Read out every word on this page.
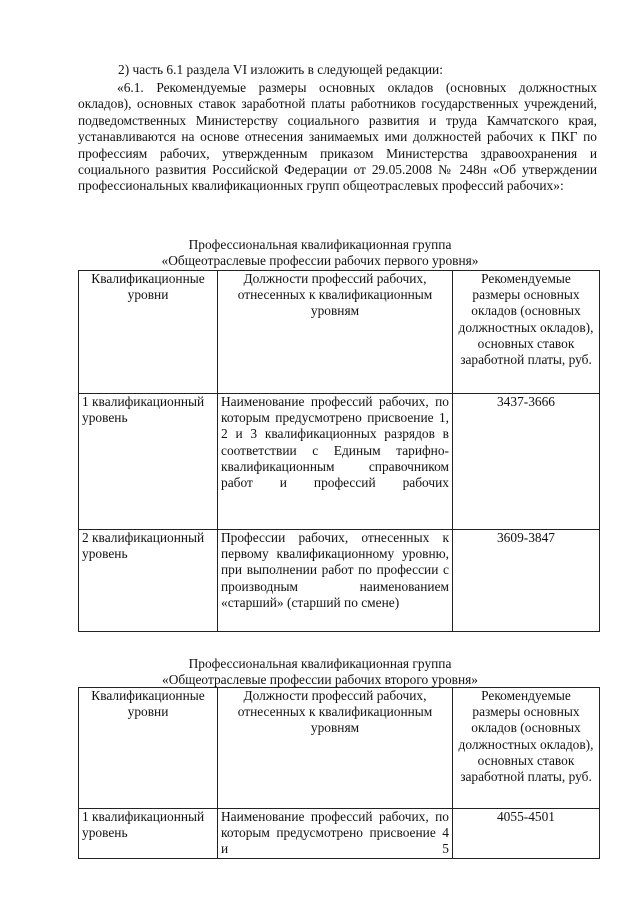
2) часть 6.1 раздела VI изложить в следующей редакции:

«6.1. Рекомендуемые размеры основных окладов (основных должностных окладов), основных ставок заработной платы работников государственных учреждений, подведомственных Министерству социального развития и труда Камчатского края, устанавливаются на основе отнесения занимаемых ими должностей рабочих к ПКГ по профессиям рабочих, утвержденным приказом Министерства здравоохранения и социального развития Российской Федерации от 29.05.2008 № 248н «Об утверждении профессиональных квалификационных групп общеотраслевых профессий рабочих»:

Профессиональная квалификационная группа
«Общеотраслевые профессии рабочих первого уровня»
Квалификационные уровни	Должности профессий рабочих, отнесенных к квалификационным уровням	Рекомендуемые размеры основных окладов (основных должностных окладов), основных ставок заработной платы, руб.
1 квалификационный уровень	Наименование профессий рабочих, по которым предусмотрено присвоение 1, 2 и 3 квалификационных разрядов в соответствии с Единым тарифно-квалификационным справочником работ и профессий рабочих	3437-3666
2 квалификационный уровень	Профессии рабочих, отнесенных к первому квалификационному уровню, при выполнении работ по профессии с производным наименованием «старший» (старший по смене)	3609-3847
Профессиональная квалификационная группа
«Общеотраслевые профессии рабочих второго уровня»
Квалификационные уровни	Должности профессий рабочих, отнесенных к квалификационным уровням	Рекомендуемые размеры основных окладов (основных должностных окладов), основных ставок заработной платы, руб.
1 квалификационный уровень	Наименование профессий рабочих, по которым предусмотрено присвоение 4 и 5	4055-4501
